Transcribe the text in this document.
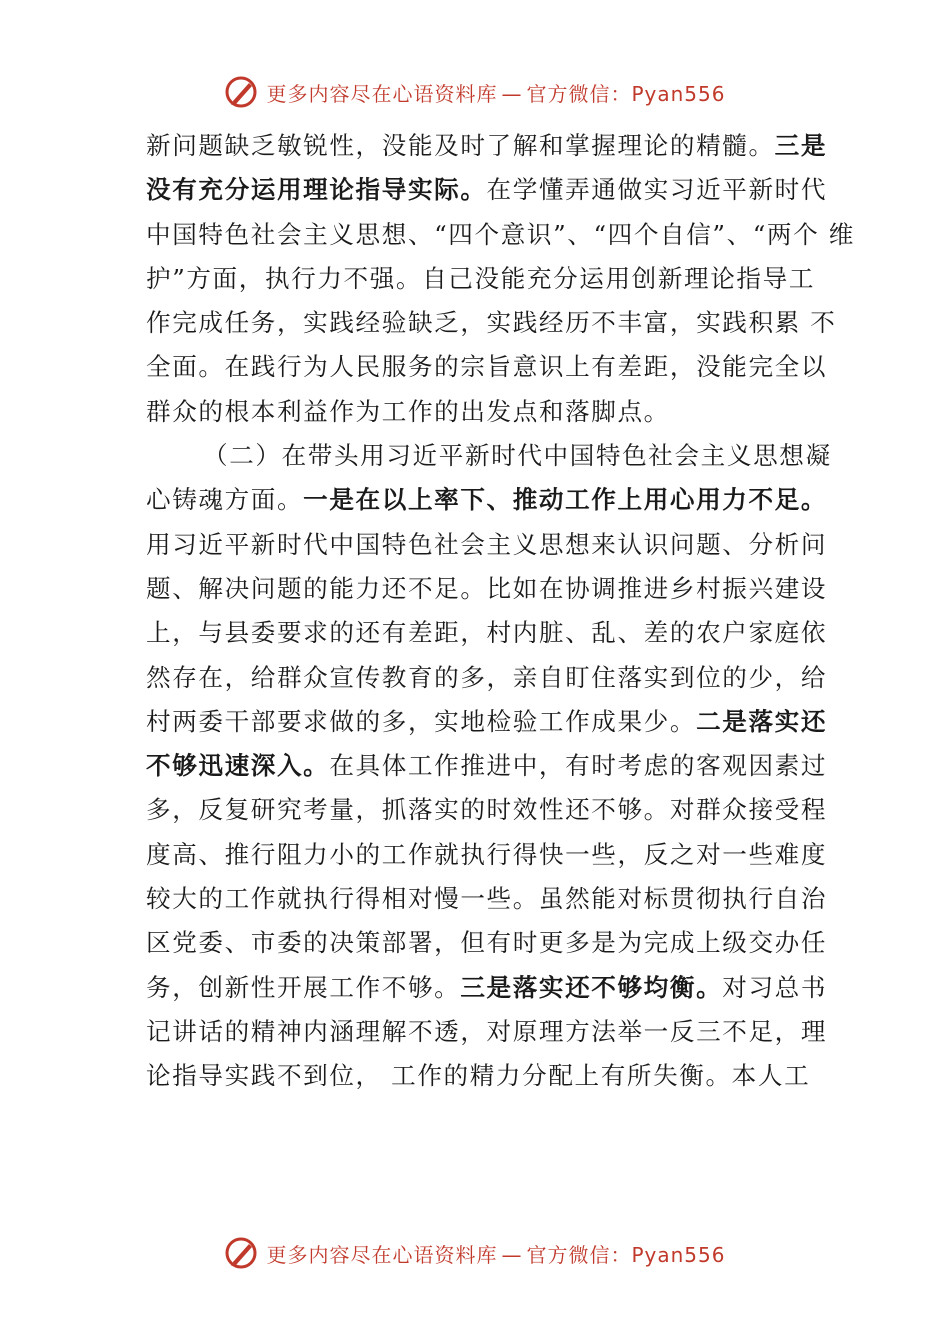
更多内容尽在心语资料库 — 官方微信：Pyan556
新问题缺乏敏锐性，没能及时了解和掌握理论的精髓。三是
没有充分运用理论指导实际。在学懂弄通做实习近平新时代
中国特色社会主义思想、“四个意识”、“四个自信”、“两个 维
护”方面，执行力不强。自己没能充分运用创新理论指导工
作完成任务，实践经验缺乏，实践经历不丰富，实践积累 不
全面。在践行为人民服务的宗旨意识上有差距，没能完全以
群众的根本利益作为工作的出发点和落脚点。
（二）在带头用习近平新时代中国特色社会主义思想凝
心铸魂方面。一是在以上率下、推动工作上用心用力不足。
用习近平新时代中国特色社会主义思想来认识问题、分析问
题、解决问题的能力还不足。比如在协调推进乡村振兴建设
上，与县委要求的还有差距，村内脏、乱、差的农户家庭依
然存在，给群众宣传教育的多，亲自盯住落实到位的少，给
村两委干部要求做的多，实地检验工作成果少。二是落实还
不够迅速深入。在具体工作推进中，有时考虑的客观因素过
多，反复研究考量，抓落实的时效性还不够。对群众接受程
度高、推行阻力小的工作就执行得快一些，反之对一些难度
较大的工作就执行得相对慢一些。虽然能对标贯彻执行自治
区党委、市委的决策部署，但有时更多是为完成上级交办任
务，创新性开展工作不够。三是落实还不够均衡。对习总书
记讲话的精神内涵理解不透，对原理方法举一反三不足，理
论指导实践不到位， 工作的精力分配上有所失衡。本人工
更多内容尽在心语资料库 — 官方微信：Pyan556
